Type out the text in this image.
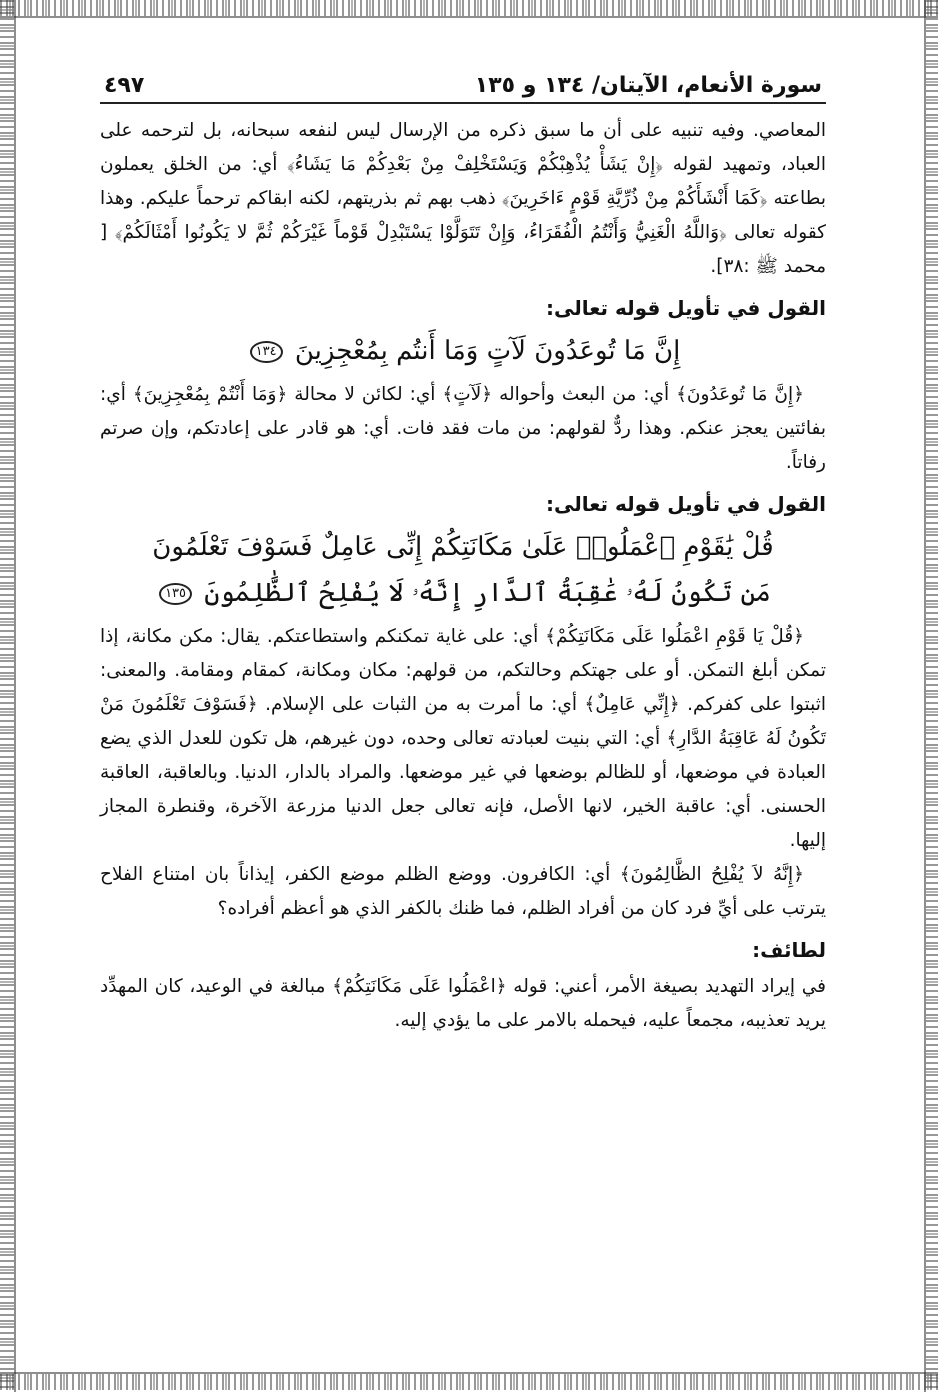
سورة الأنعام، الآيتان/ ١٣٤ و ١٣٥
٤٩٧

المعاصي. وفيه تنبيه على أن ما سبق ذكره من الإرسال ليس لنفعه سبحانه، بل لترحمه على العباد، وتمهيد لقوله ﴿إِنْ يَشَأْ يُذْهِبْكُمْ وَيَسْتَخْلِفْ مِنْ بَعْدِكُمْ مَا يَشَاءُ﴾ أي: من الخلق يعملون بطاعته ﴿كَمَا أَنْشَأَكُمْ مِنْ ذُرِّيَّةِ قَوْمٍ ءَاخَرِينَ﴾ ذهب بهم ثم بذريتهم، لكنه ابقاكم ترحماً عليكم. وهذا كقوله تعالى ﴿وَاللَّهُ الْغَنِيُّ وَأَنْتُمُ الْفُقَرَاءُ، وَإِنْ تَتَوَلَّوْا يَسْتَبْدِلْ قَوْماً غَيْرَكُمْ ثُمَّ لا يَكُونُوا أَمْثَالَكُمْ﴾ [ محمد ﷺ :٣٨].

القول في تأويل قوله تعالى:
إِنَّ مَا تُوعَدُونَ لَآتٍ وَمَا أَنتُم بِمُعْجِزِينَ ١٣٤

﴿إِنَّ مَا تُوعَدُونَ﴾ أي: من البعث وأحواله ﴿لَآتٍ﴾ أي: لكائن لا محالة ﴿وَمَا أَنْتُمْ بِمُعْجِزِينَ﴾ أي: بفائتين يعجز عنكم. وهذا ردٌّ لقولهم: من مات فقد فات. أي: هو قادر على إعادتكم، وإن صرتم رفاتاً.

القول في تأويل قوله تعالى:
قُلْ يَٰقَوْمِ ٱعْمَلُوا۟ عَلَىٰ مَكَانَتِكُمْ إِنِّى عَامِلٌ فَسَوْفَ تَعْلَمُونَ
مَن تَكُونُ لَهُۥ عَٰقِبَةُ ٱلدَّارِ إِنَّهُۥ لَا يُفْلِحُ ٱلظَّٰلِمُونَ ١٣٥

﴿قُلْ يَا قَوْمِ اعْمَلُوا عَلَى مَكَانَتِكُمْ﴾ أي: على غاية تمكنكم واستطاعتكم. يقال: مكن مكانة، إذا تمكن أبلغ التمكن. أو على جهتكم وحالتكم، من قولهم: مكان ومكانة، كمقام ومقامة. والمعنى: اثبتوا على كفركم. ﴿إِنِّي عَامِلٌ﴾ أي: ما أمرت به من الثبات على الإسلام. ﴿فَسَوْفَ تَعْلَمُونَ مَنْ تَكُونُ لَهُ عَاقِبَةُ الدَّارِ﴾ أي: التي بنيت لعبادته تعالى وحده، دون غيرهم، هل تكون للعدل الذي يضع العبادة في موضعها، أو للظالم بوضعها في غير موضعها. والمراد بالدار، الدنيا. وبالعاقبة، العاقبة الحسنى. أي: عاقبة الخير، لانها الأصل، فإنه تعالى جعل الدنيا مزرعة الآخرة، وقنطرة المجاز إليها.

﴿إِنَّهُ لاَ يُفْلِحُ الظَّالِمُونَ﴾ أي: الكافرون. ووضع الظلم موضع الكفر، إيذاناً بان امتناع الفلاح يترتب على أيِّ فرد كان من أفراد الظلم، فما ظنك بالكفر الذي هو أعظم أفراده؟

لطائف:

في إيراد التهديد بصيغة الأمر، أعني: قوله ﴿اعْمَلُوا عَلَى مَكَانَتِكُمْ﴾ مبالغة في الوعيد، كان المهدِّد يريد تعذيبه، مجمعاً عليه، فيحمله بالامر على ما يؤدي إليه.
